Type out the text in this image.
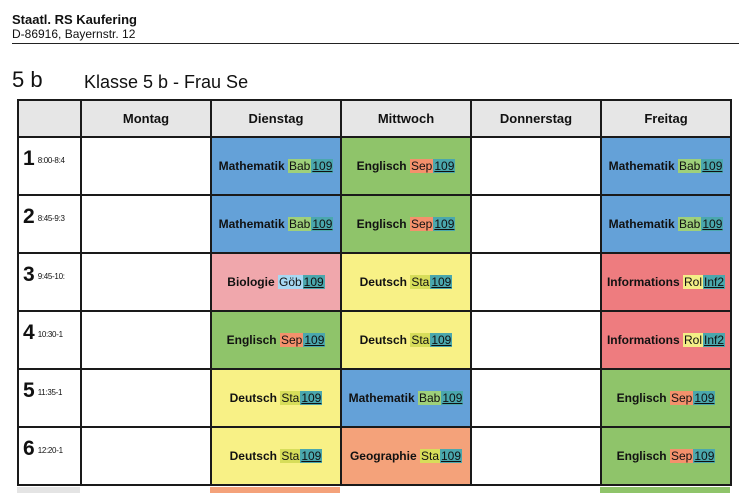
Staatl. RS Kaufering
D-86916, Bayernstr. 12
5 b Klasse 5 b - Frau Se
	Montag	Dienstag	Mittwoch	Donnerstag	Freitag
1 8:00-8:4		Mathematik Bab 109	Englisch Sep 109		Mathematik Bab 109
2 8:45-9:3		Mathematik Bab 109	Englisch Sep 109		Mathematik Bab 109
3 9:45-10:		Biologie Göb 109	Deutsch Sta 109		Informations Rol Inf2
4 10:30-1		Englisch Sep 109	Deutsch Sta 109		Informations Rol Inf2
5 11:35-1		Deutsch Sta 109	Mathematik Bab 109		Englisch Sep 109
6 12:20-1		Deutsch Sta 109	Geographie Sta 109		Englisch Sep 109
